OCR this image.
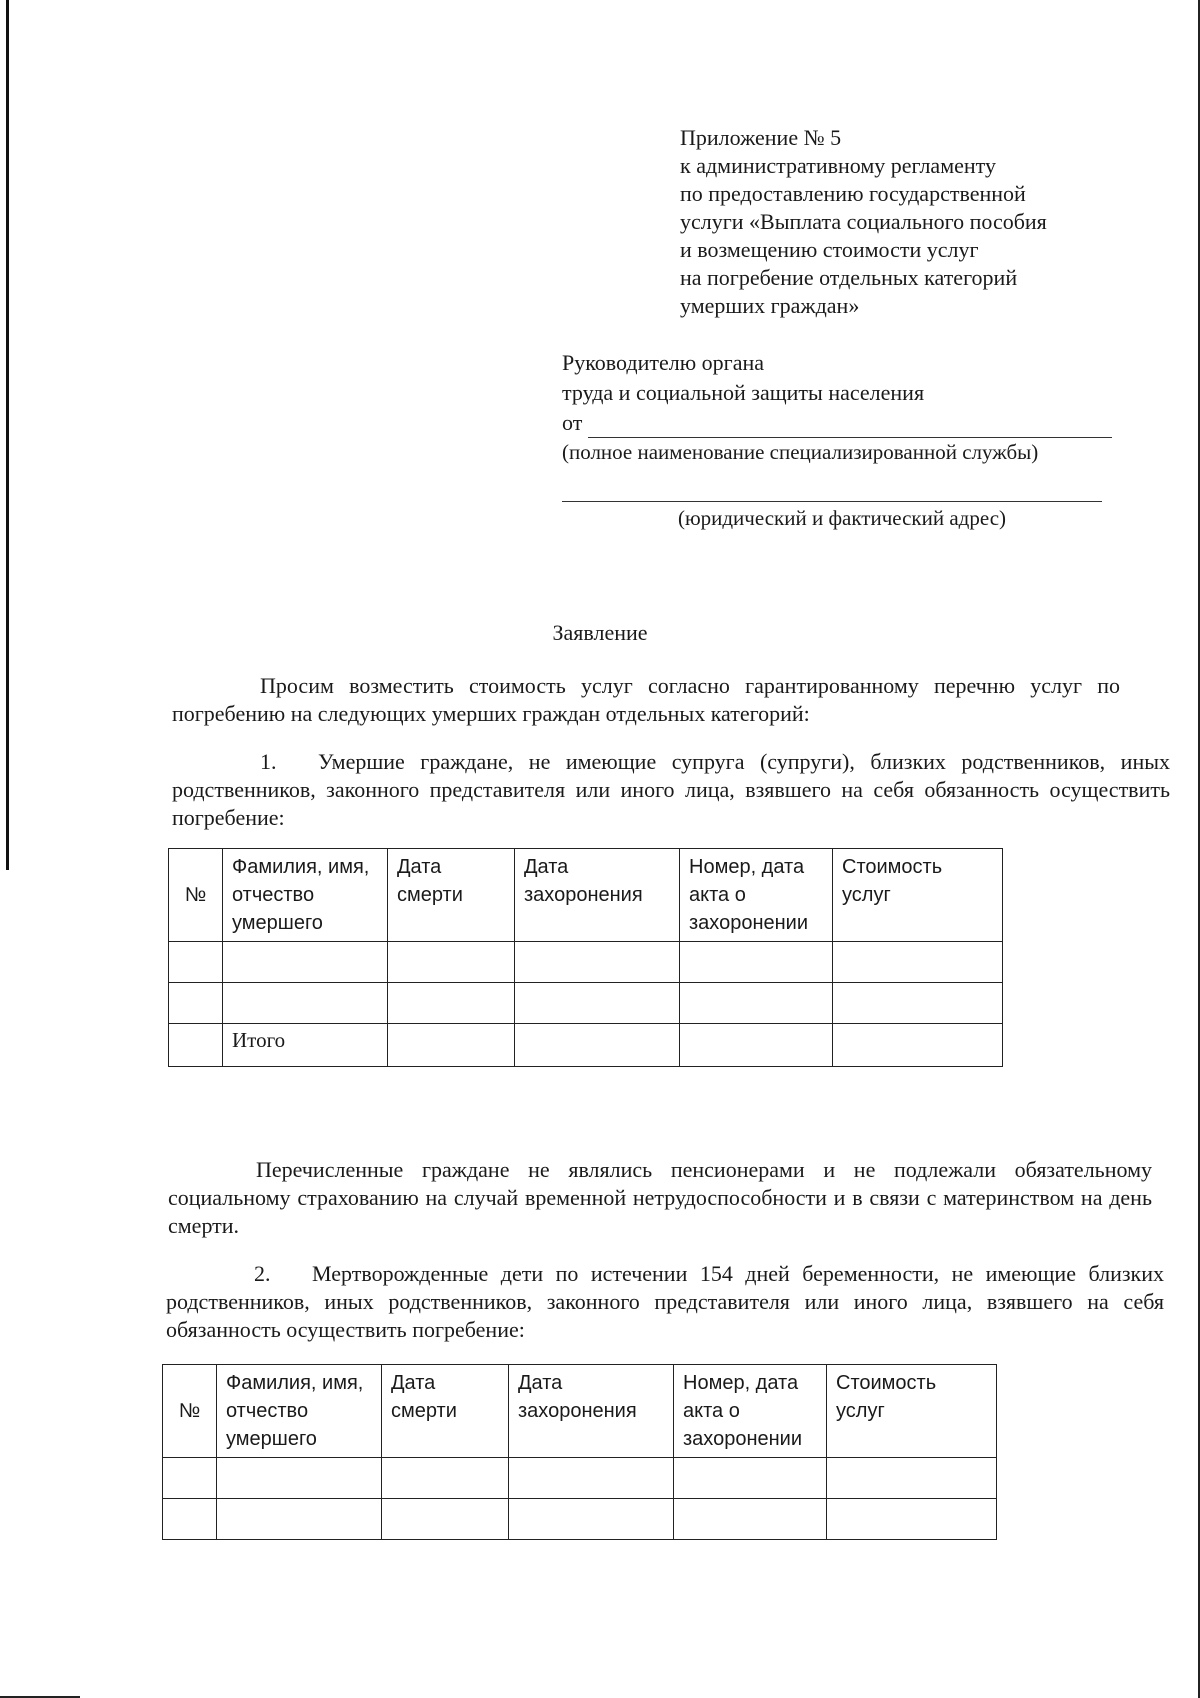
Приложение № 5
к административному регламенту
по предоставлению государственной
услуги «Выплата социального пособия
и возмещению стоимости услуг
на погребение отдельных категорий
умерших граждан»
Руководителю органа
труда и социальной защиты населения
от
(полное наименование специализированной службы)
(юридический и фактический адрес)
Заявление
Просим возместить стоимость услуг согласно гарантированному перечню услуг по погребению на следующих умерших граждан отдельных категорий:
1. Умершие граждане, не имеющие супруга (супруги), близких родственников, иных родственников, законного представителя или иного лица, взявшего на себя обязанность осуществить погребение:
№	Фамилия, имя, отчество умершего	Дата смерти	Дата захоронения	Номер, дата акта о захоронении	Стоимость услуг

	Итого				
Перечисленные граждане не являлись пенсионерами и не подлежали обязательному социальному страхованию на случай временной нетрудоспособности и в связи с материнством на день смерти.
2. Мертворожденные дети по истечении 154 дней беременности, не имеющие близких родственников, иных родственников, законного представителя или иного лица, взявшего на себя обязанность осуществить погребение:
№	Фамилия, имя, отчество умершего	Дата смерти	Дата захоронения	Номер, дата акта о захоронении	Стоимость услуг
